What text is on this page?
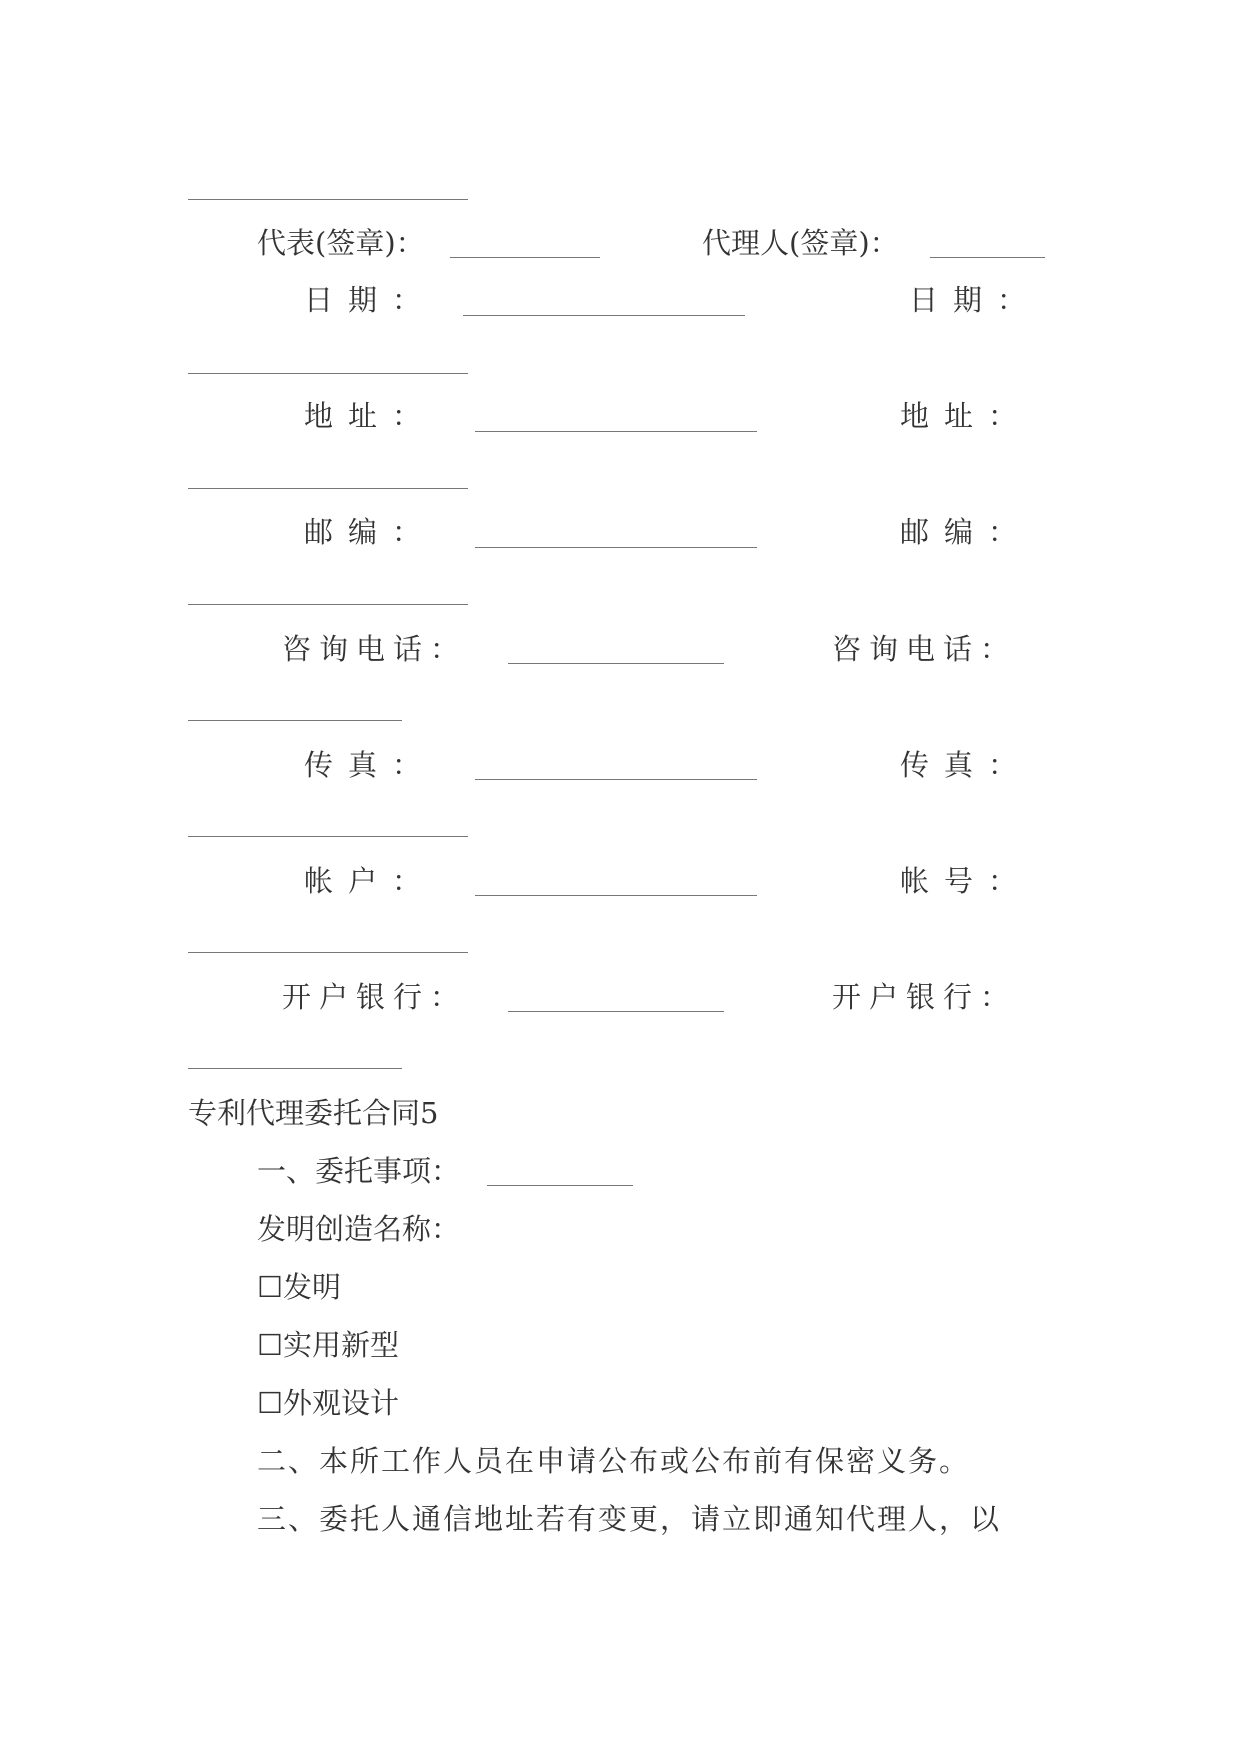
代表(签章)：	代理人(签章)：
日期：	日期：
地址：	地址：
邮编：	邮编：
咨询电话：	咨询电话：
传真：	传真：
帐户：	帐号：
开户银行：	开户银行：
专利代理委托合同5
一、委托事项：
发明创造名称：
☐发明
☐实用新型
☐外观设计
二、本所工作人员在申请公布或公布前有保密义务。
三、委托人通信地址若有变更，请立即通知代理人，以
